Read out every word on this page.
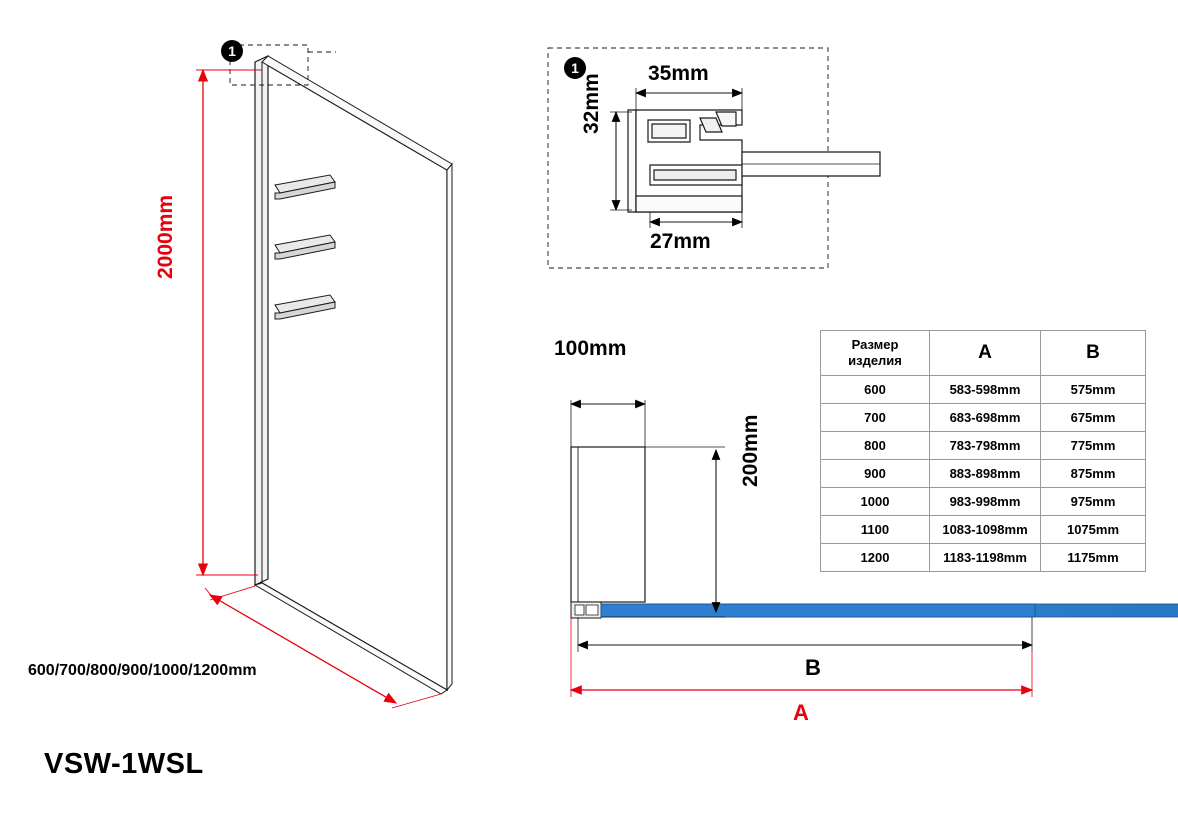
1
1
2000mm
600/700/800/900/1000/1200mm
35mm
27mm
32mm
100mm
200mm
B
A
VSW-1WSL
Размер
изделия	A	B
600	583-598mm	575mm
700	683-698mm	675mm
800	783-798mm	775mm
900	883-898mm	875mm
1000	983-998mm	975mm
1100	1083-1098mm	1075mm
1200	1183-1198mm	1175mm
